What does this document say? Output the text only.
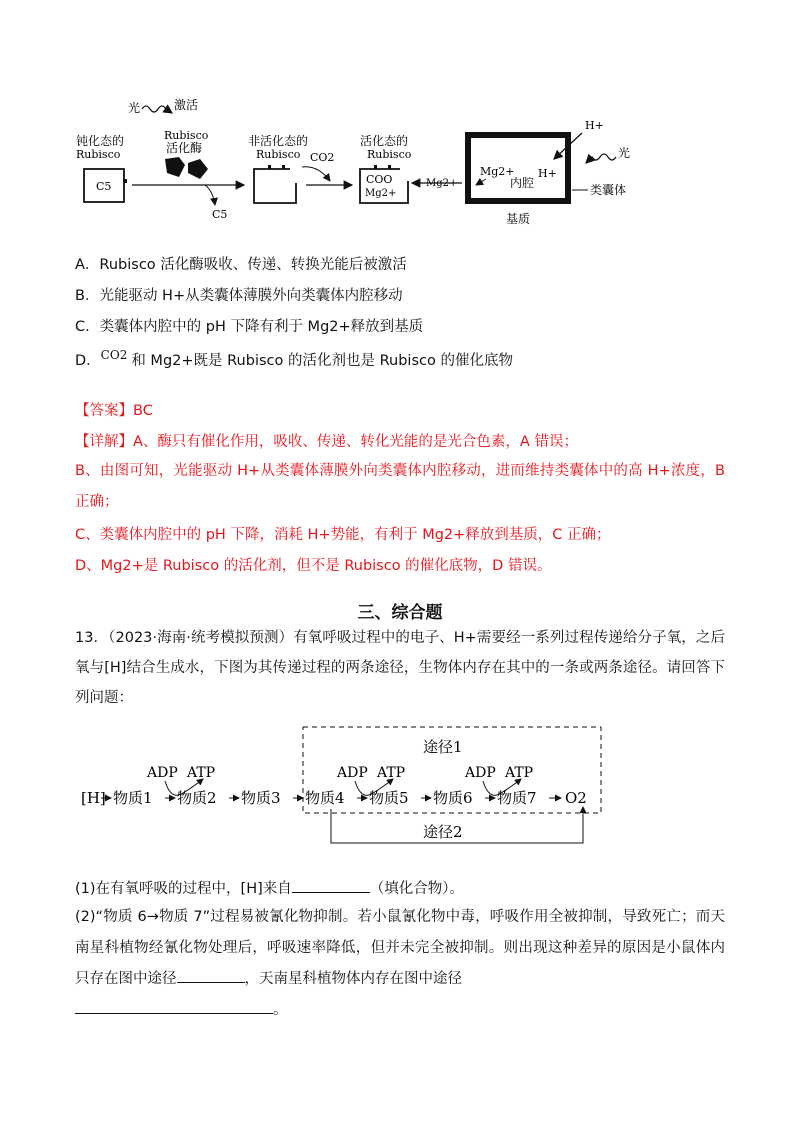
光	激活
Rubisco
活化酶
钝化态的
Rubisco
C5
C5
非活化态的
Rubisco CO2
活化态的
Rubisco
COO
Mg2+
Mg2+
Mg2+
内腔
H+
H+
光
类囊体
基质
A．Rubisco 活化酶吸收、传递、转换光能后被激活
B．光能驱动 H+从类囊体薄膜外向类囊体内腔移动
C．类囊体内腔中的 pH 下降有利于 Mg2+释放到基质
D．$^{CO2}$ 和 Mg2+既是 Rubisco 的活化剂也是 Rubisco 的催化底物
【答案】BC
【详解】A、酶只有催化作用，吸收、传递、转化光能的是光合色素，A 错误；
B、由图可知，光能驱动 H+从类囊体薄膜外向类囊体内腔移动，进而维持类囊体中的高 H+浓度，B 正确；
C、类囊体内腔中的 pH 下降，消耗 H+势能，有利于 Mg2+释放到基质，C 正确；
D、Mg2+是 Rubisco 的活化剂，但不是 Rubisco 的催化底物，D 错误。
三、综合题
13．（2023·海南·统考模拟预测）有氧呼吸过程中的电子、H+需要经一系列过程传递给分子氧，之后氧与[H]结合生成水，下图为其传递过程的两条途径，生物体内存在其中的一条或两条途径。请回答下列问题：
途径1
ADP ATP	ADP ATP	ADP ATP
[H] 物质1 物质2 物质3 物质4 物质5 物质6 物质7 O2
途径2
(1)在有氧呼吸的过程中，[H]来自	（填化合物）。
(2)“物质 6→物质 7”过程易被氰化物抑制。若小鼠氰化物中毒，呼吸作用全被抑制，导致死亡；而天南星科植物经氰化物处理后，呼吸速率降低，但并未完全被抑制。则出现这种差异的原因是小鼠体内只存在图中途径	，天南星科植物体内存在图中途径
。
